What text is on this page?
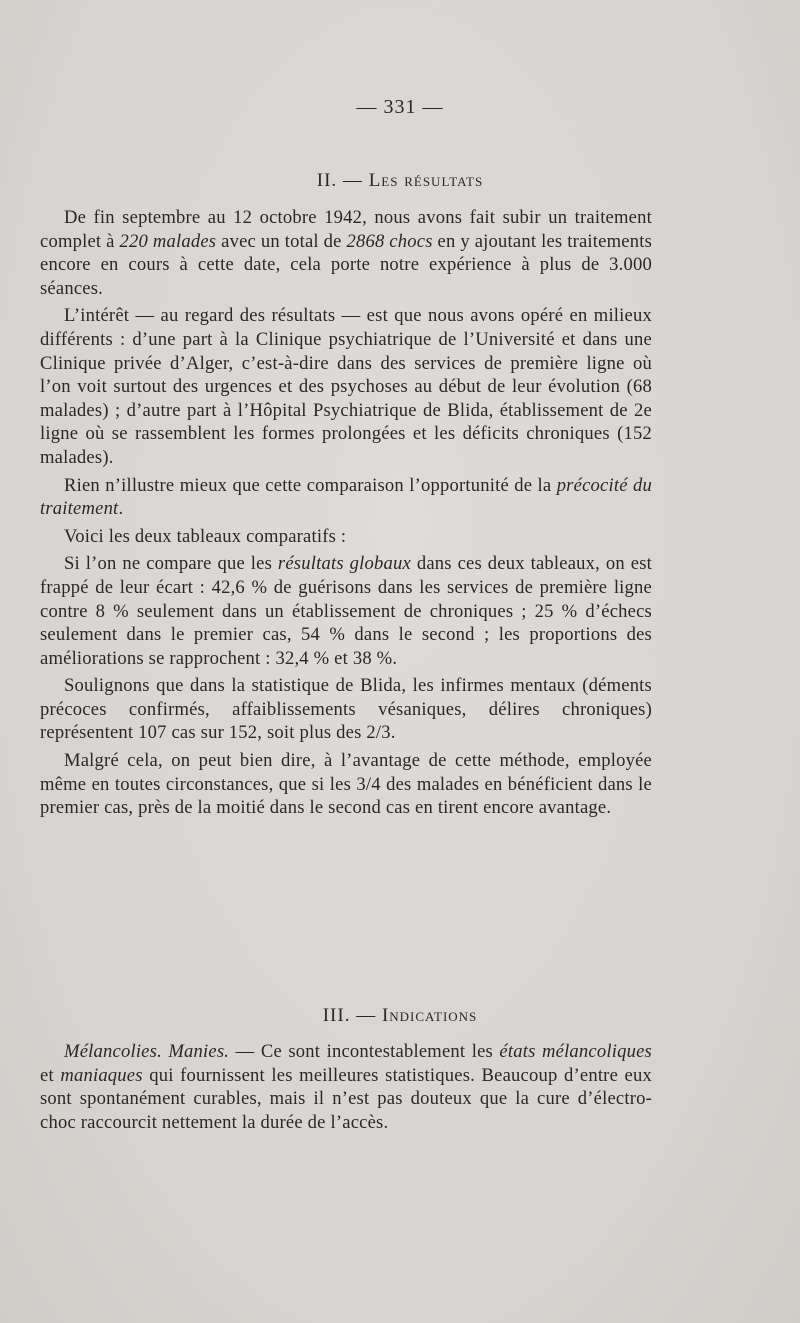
— 331 —
II. — Les résultats

De fin septembre au 12 octobre 1942, nous avons fait subir un traitement complet à 220 malades avec un total de 2868 chocs en y ajoutant les traitements encore en cours à cette date, cela porte notre expérience à plus de 3.000 séances.

L’intérêt — au regard des résultats — est que nous avons opéré en milieux différents : d’une part à la Clinique psychiatrique de l’Université et dans une Clinique privée d’Alger, c’est-à-dire dans des services de première ligne où l’on voit surtout des urgences et des psychoses au début de leur évolution (68 malades) ; d’autre part à l’Hôpital Psychiatrique de Blida, établissement de 2e ligne où se rassemblent les formes prolongées et les déficits chroniques (152 malades).

Rien n’illustre mieux que cette comparaison l’opportunité de la précocité du traitement.

Voici les deux tableaux comparatifs :

Si l’on ne compare que les résultats globaux dans ces deux tableaux, on est frappé de leur écart : 42,6 % de guérisons dans les services de première ligne contre 8 % seulement dans un établissement de chroniques ; 25 % d’échecs seulement dans le premier cas, 54 % dans le second ; les proportions des améliorations se rapprochent : 32,4 % et 38 %.

Soulignons que dans la statistique de Blida, les infirmes mentaux (déments précoces confirmés, affaiblissements vésaniques, délires chroniques) représentent 107 cas sur 152, soit plus des 2/3.

Malgré cela, on peut bien dire, à l’avantage de cette méthode, employée même en toutes circonstances, que si les 3/4 des malades en bénéficient dans le premier cas, près de la moitié dans le second cas en tirent encore avantage.

III. — Indications

Mélancolies. Manies. — Ce sont incontestablement les états mélancoliques et maniaques qui fournissent les meilleures statistiques. Beaucoup d’entre eux sont spontanément curables, mais il n’est pas douteux que la cure d’électro-choc raccourcit nettement la durée de l’accès.
